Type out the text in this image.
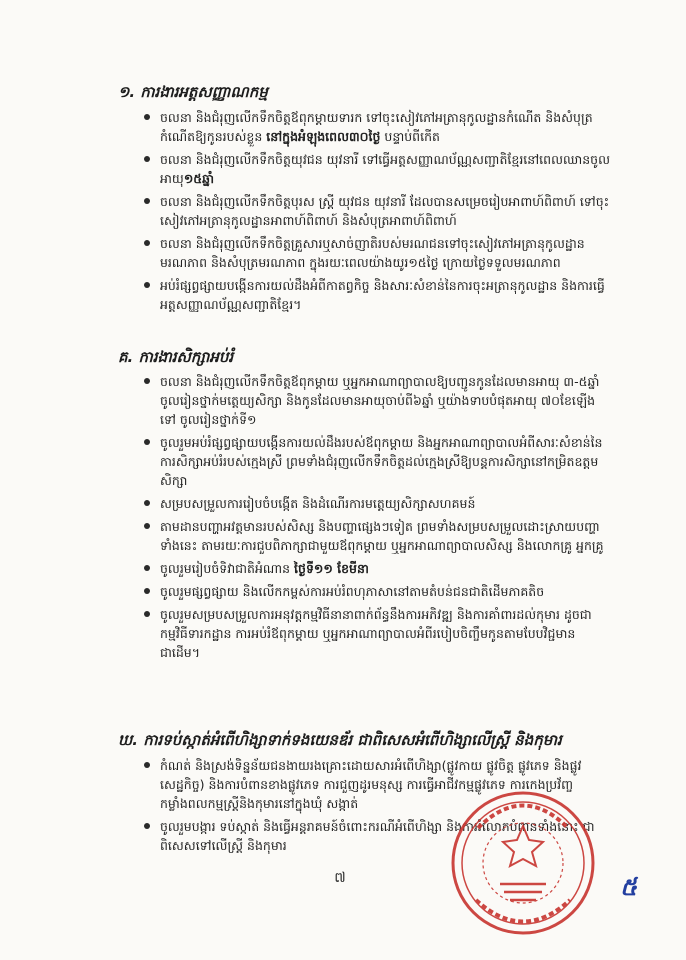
១. ការងារអត្តសញ្ញាណកម្ម
ចលនា និងជំរុញលើកទឹកចិត្តឪពុកម្តាយទារក ទៅចុះសៀវភៅអត្រានុកូលដ្ឋានកំណើត និងសំបុត្រកំណើតឱ្យកូនរបស់ខ្លួន នៅក្នុងអំឡុងពេល៣០ថ្ងៃ បន្ទាប់ពីកើត
ចលនា និងជំរុញលើកទឹកចិត្តយុវជន យុវនារី ទៅធ្វើអត្តសញ្ញាណប័ណ្ណសញ្ជាតិខ្មែរនៅពេលឈានចូលអាយុ១៥ឆ្នាំ
ចលនា និងជំរុញលើកទឹកចិត្តបុរស ស្ត្រី យុវជន យុវនារី ដែលបានសម្រេចរៀបអាពាហ៍ពិពាហ៍ ទៅចុះសៀវភៅអត្រានុកូលដ្ឋានអាពាហ៍ពិពាហ៍ និងសំបុត្រអាពាហ៍ពិពាហ៍
ចលនា និងជំរុញលើកទឹកចិត្តគ្រួសារឬសាច់ញាតិរបស់មរណជនទៅចុះសៀវភៅអត្រានុកូលដ្ឋានមរណភាព និងសំបុត្រមរណភាព ក្នុងរយៈពេលយ៉ាងយូរ១៥ថ្ងៃ ក្រោយថ្ងៃទទួលមរណភាព
អប់រំផ្សព្វផ្សាយបង្កើនការយល់ដឹងអំពីកាតព្វកិច្ច និងសារៈសំខាន់នៃការចុះអត្រានុកូលដ្ឋាន និងការធ្វើអត្តសញ្ញាណប័ណ្ណសញ្ជាតិខ្មែរ។
គ. ការងារសិក្សាអប់រំ
ចលនា និងជំរុញលើកទឹកចិត្តឪពុកម្តាយ ឬអ្នកអាណាព្យាបាលឱ្យបញ្ជូនកូនដែលមានអាយុ ៣-៥ឆ្នាំចូលរៀនថ្នាក់មត្តេយ្យសិក្សា និងកូនដែលមានអាយុចាប់ពី៦ឆ្នាំ ឬយ៉ាងទាបបំផុតអាយុ ៧០ខែឡើងទៅ ចូលរៀនថ្នាក់ទី១
ចូលរួមអប់រំផ្សព្វផ្សាយបង្កើនការយល់ដឹងរបស់ឪពុកម្តាយ និងអ្នកអាណាព្យាបាលអំពីសារៈសំខាន់នៃការសិក្សាអប់រំរបស់ក្មេងស្រី ព្រមទាំងជំរុញលើកទឹកចិត្តដល់ក្មេងស្រីឱ្យបន្តការសិក្សានៅកម្រិតឧត្តមសិក្សា
សម្របសម្រួលការរៀបចំបង្កើត និងដំណើរការមត្តេយ្យសិក្សាសហគមន៍
តាមដានបញ្ហាអវត្តមានរបស់សិស្ស និងបញ្ហាផ្សេងៗទៀត ព្រមទាំងសម្របសម្រួលដោះស្រាយបញ្ហាទាំងនេះ តាមរយៈការជួបពិភាក្សាជាមួយឪពុកម្តាយ ឬអ្នកអាណាព្យាបាលសិស្ស និងលោកគ្រូ អ្នកគ្រូ
ចូលរួមរៀបចំទិវាជាតិអំណាន ថ្ងៃទី១១ ខែមីនា
ចូលរួមផ្សព្វផ្សាយ និងលើកកម្ពស់ការអប់រំពហុភាសានៅតាមតំបន់ជនជាតិដើមភាគតិច
ចូលរួមសម្របសម្រួលការអនុវត្តកម្មវិធីនានាពាក់ព័ន្ធនឹងការអភិវឌ្ឍ និងការគាំពារដល់កុមារ ដូចជាកម្មវិធីទារកដ្ឋាន ការអប់រំឪពុកម្តាយ ឬអ្នកអាណាព្យាបាលអំពីរបៀបចិញ្ចឹមកូនតាមបែបវិជ្ជមានជាដើម។
ឃ. ការទប់ស្កាត់អំពើហិង្សាទាក់ទងយេនឌ័រ ជាពិសេសអំពើហិង្សាលើស្ត្រី និងកុមារ
កំណត់ និងស្រង់ទិន្នន័យជនងាយរងគ្រោះដោយសារអំពើហិង្សា(ផ្លូវកាយ ផ្លូវចិត្ត ផ្លូវភេទ និងផ្លូវសេដ្ឋកិច្ច) និងការបំពានខាងផ្លូវភេទ ការជួញដូរមនុស្ស ការធ្វើអាជីវកម្មផ្លូវភេទ ការកេងប្រវ័ញ្ចកម្លាំងពលកម្មស្ត្រីនិងកុមារនៅក្នុងឃុំ សង្កាត់
ចូលរួមបង្ការ ទប់ស្កាត់ និងធ្វើអន្តរាគមន៍ចំពោះករណីអំពើហិង្សា និងការរំលោភបំពានទាំងនោះ ជាពិសេសទៅលើស្ត្រី និងកុមារ
៧	៥
